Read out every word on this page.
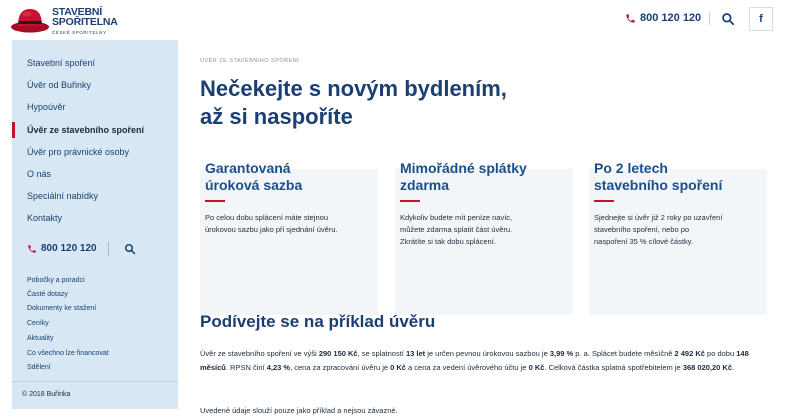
STAVEBNÍ
SPOŘITELNA
ČESKÉ SPOŘITELNY
800 120 120	f
Stavební spoření
Úvěr od Buřinky
Hypoúvěr
Úvěr ze stavebního spoření
Úvěr pro právnické osoby
O nás
Speciální nabídky
Kontakty
800 120 120
Pobočky a poradci
Časté dotazy
Dokumenty ke stažení
Ceníky
Aktuality
Co všechno lze financovat
Sdělení
© 2018 Buřinka
ÚVĚR ZE STAVEBNÍHO SPOŘENÍ
Nečekejte s novým bydlením,
až si naspoříte
Garantovaná
úroková sazba
Po celou dobu splácení máte stejnou
úrokovou sazbu jako při sjednání úvěru.

Mimořádné splátky
zdarma
Kdykoliv budete mít peníze navíc,
můžete zdarma splatit část úvěru.
Zkrátíte si tak dobu splácení.
Po 2 letech
stavebního spoření
Sjednejte si úvěr již 2 roky po uzavření
stavebního spoření, nebo po
naspoření 35 % cílové částky.
Podívejte se na příklad úvěru

Úvěr ze stavebního spoření ve výši 290 150 Kč, se splatností 13 let je určen pevnou úrokovou sazbou je 3,99 % p. a. Splácet budete měsíčně 2 492 Kč po dobu 148 měsíců. RPSN činí 4,23 %, cena za zpracování úvěru je 0 Kč a cena za vedení úvěrového účtu je 0 Kč. Celková částka splatná spotřebitelem je 368 020,20 Kč.

Uvedené údaje slouží pouze jako příklad a nejsou závazné.
